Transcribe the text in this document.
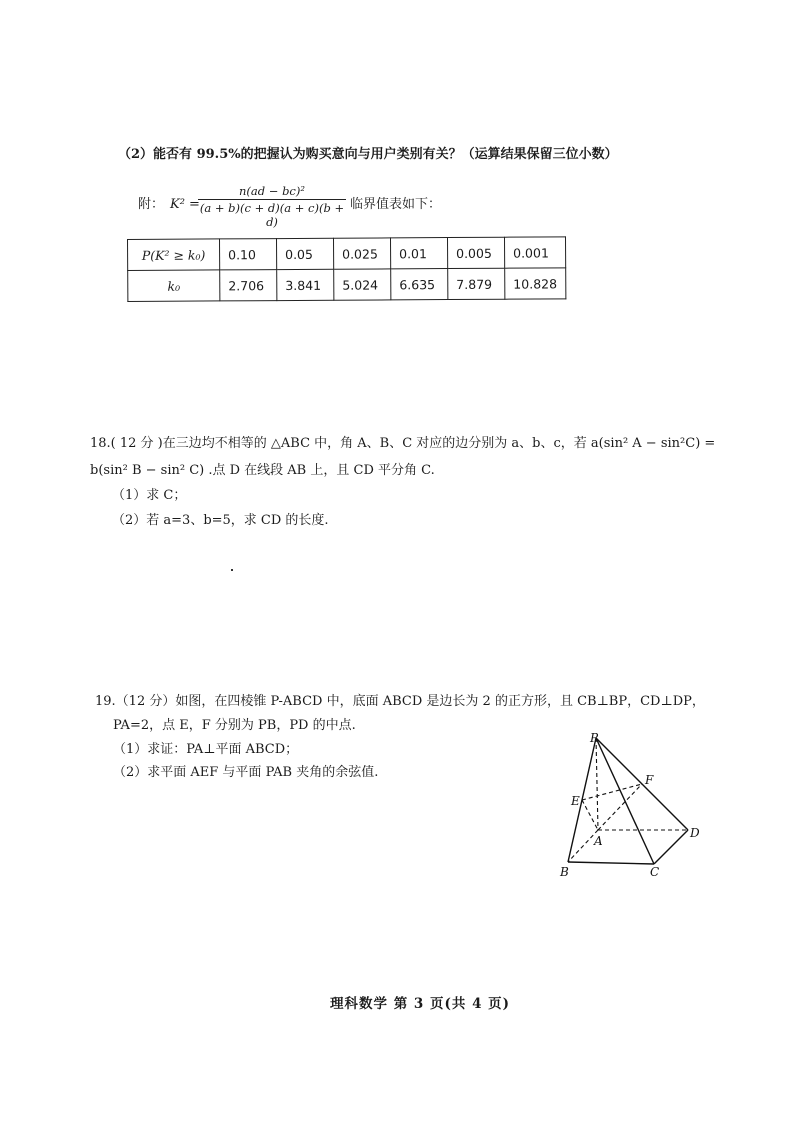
（2）能否有 99.5%的把握认为购买意向与用户类别有关？（运算结果保留三位小数）
附： K² =
n(ad − bc)²
(a + b)(c + d)(a + c)(b + d)
临界值表如下：
P(K² ≥ k₀)	0.10	0.05	0.025	0.01	0.005	0.001
k₀	2.706	3.841	5.024	6.635	7.879	10.828
18.( 12 分 )在三边均不相等的 △ABC 中，角 A、B、C 对应的边分别为 a、b、c，若 a(sin² A − sin²C) =
b(sin² B − sin² C) .点 D 在线段 AB 上，且 CD 平分角 C.
（1）求 C；
（2）若 a=3、b=5，求 CD 的长度.
19.（12 分）如图，在四棱锥 P-ABCD 中，底面 ABCD 是边长为 2 的正方形，且 CB⊥BP，CD⊥DP，
PA=2，点 E，F 分别为 PB，PD 的中点.
（1）求证：PA⊥平面 ABCD；
（2）求平面 AEF 与平面 PAB 夹角的余弦值.
P
E
F
A
D
B	C
理科数学 第 3 页(共 4 页)
